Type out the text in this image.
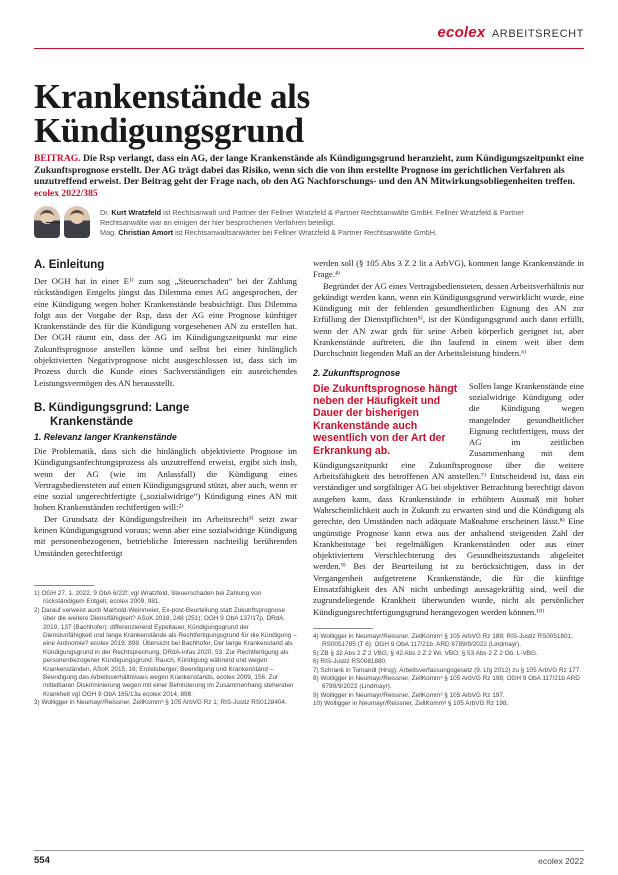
ecolex ARBEITSRECHT
Krankenstände als
Kündigungsgrund

BEITRAG. Die Rsp verlangt, dass ein AG, der lange Krankenstände als Kündigungsgrund heranzieht, zum Kündigungszeitpunkt eine Zukunftsprognose erstellt. Der AG trägt dabei das Risiko, wenn sich die von ihm erstellte Prognose im gerichtlichen Verfahren als unzutreffend erweist. Der Beitrag geht der Frage nach, ob den AG Nachforschungs- und den AN Mitwirkungsobliegenheiten treffen. ecolex 2022/385

Dr. Kurt Wratzfeld ist Rechtsanwalt und Partner der Fellner Wratzfeld & Partner Rechtsanwälte GmbH. Fellner Wratzfeld & Partner Rechtsanwälte war an einigen der hier besprochenen Verfahren beteiligt.
Mag. Christian Amort ist Rechtsanwaltsanwärter bei Fellner Wratzfeld & Partner Rechtsanwälte GmbH.
A. Einleitung

Der OGH hat in einer E¹⁾ zum sog „Steuerschaden“ bei der Zahlung rückständigen Entgelts jüngst das Dilemma eines AG angesprochen, der eine Kündigung wegen hoher Krankenstände beabsichtigt. Das Dilemma folgt aus der Vorgabe der Rsp, dass der AG eine Prognose künftiger Krankenstände des für die Kündigung vorgesehenen AN zu erstellen hat. Der OGH räumt ein, dass der AG im Kündigungszeitpunkt nur eine Zukunftsprognose anstellen könne und selbst bei einer hinlänglich objektivierten Negativprognose nicht ausgeschlossen ist, dass sich im Prozess durch die Kunde eines Sachverständigen ein ausreichendes Leistungsvermögen des AN herausstellt.

B. Kündigungsgrund: Lange
Krankenstände
1. Relevanz langer Krankenstände

Die Problematik, dass sich die hinlänglich objektivierte Prognose im Kündigungsanfechtungsprozess als unzutreffend erweist, ergibt sich insb, wenn der AG (wie im Anlassfall) die Kündigung eines Vertragsbediensteten auf einen Kündigungsgrund stützt, aber auch, wenn er eine sozial ungerechtfertigte („sozialwidrige“) Kündigung eines AN mit hohen Krankenständen rechtfertigen will:²⁾

Der Grundsatz der Kündigungsfreiheit im Arbeitsrecht³⁾ setzt zwar keinen Kündigungsgrund voraus; wenn aber eine sozialwidrige Kündigung mit personenbezogenen, betriebliche Interessen nachteilig berührenden Umständen gerechtfertigt

1) OGH 27. 1. 2022, 9 ObA 6/22f; vgl Wratzfeld, Steuerschaden bei Zahlung von rückständigem Entgelt, ecolex 2009, 981.

2) Darauf verweist auch Marhold-Weinmeier, Ex-post-Beurteilung statt Zukunftsprognose über die weitere Dienstfähigkeit? ASoK 2018, 248 (251); OGH 9 ObA 137/17p, DRdA 2019, 137 (Bachhofer): differenzierend Eypeltauer, Kündigungsgrund der Dienstunfähigkeit und lange Krankenstände als Rechtfertigungsgrund für die Kündigung – eine Antinomie? ecolex 2019, 898. Übersicht bei Bachhofer, Der lange Krankenstand als Kündigungsgrund in der Rechtsprechung, DRdA-infas 2020, 53. Zur Rechtfertigung als personenbezogener Kündigungsgrund: Rauch, Kündigung während und wegen Krankenständen, ASoK 2015, 16; Enzelsberger, Beendigung und Krankenstand – Beendigung des Arbeitsverhältnisses wegen Krankenstands, ecolex 2009, 156. Zur mittelbaren Diskriminierung wegen mit einer Behinderung im Zusammenhang stehenden Krankheit vgl OGH 9 ObA 165/13a ecolex 2014, 898.

3) Wolligger in Neumayr/Reissner, ZellKomm³ § 105 ArbVG Rz 1; RIS-Justiz RS0128404.

werden soll (§ 105 Abs 3 Z 2 lit a ArbVG), kommen lange Krankenstände in Frage.⁴⁾

Begründet der AG eines Vertragsbediensteten, dessen Arbeitsverhältnis nur gekündigt werden kann, wenn ein Kündigungsgrund verwirklicht wurde, eine Kündigung mit der fehlenden gesundheitlichen Eignung des AN zur Erfüllung der Dienstpflichten⁵⁾, ist der Kündigungsgrund auch dann erfüllt, wenn der AN zwar grds für seine Arbeit körperlich geeignet ist, aber Krankenstände auftreten, die ihn laufend in einem weit über dem Durchschnitt liegenden Maß an der Arbeitsleistung hindern.⁶⁾

2. Zukunftsprognose

Die Zukunftsprognose hängt neben der Häufigkeit und Dauer der bisherigen Krankenstände auch wesentlich von der Art der Erkrankung ab.

Sollen lange Krankenstände eine sozialwidrige Kündigung oder die Kündigung wegen mangelnder gesundheitlicher Eignung rechtfertigen, muss der AG im zeitlichen Zusammenhang mit dem Kündigungszeitpunkt eine Zukunftsprognose über die weitere Arbeitsfähigkeit des betroffenen AN anstellen.⁷⁾ Entscheidend ist, dass ein verständiger und sorgfältiger AG bei objektiver Betrachtung berechtigt davon ausgehen kann, dass Krankenstände in erhöhtem Ausmaß mit hoher Wahrscheinlichkeit auch in Zukunft zu erwarten sind und die Kündigung als gerechte, den Umständen nach adäquate Maßnahme erscheinen lässt.⁸⁾ Eine ungünstige Prognose kann etwa aus der anhaltend steigenden Zahl der Krankheitstage bei regelmäßigen Krankenständen oder aus einer objektiviertem Verschlechterung des Gesundheitszustands abgeleitet werden.⁹⁾ Bei der Beurteilung ist zu berücksichtigen, dass in der Vergangenheit aufgetretene Krankenstände, die für die künftige Einsatzfähigkeit des AN nicht unbedingt aussagekräftig sind, weil die zugrundeliegende Krankheit überwunden wurde, nicht als persönlicher Kündigungsrechtfertigungsgrund herangezogen werden können.¹⁰⁾

4) Wolligger in Neumayr/Reissner, ZellKomm³ § 105 ArbVG Rz 189; RIS-Justiz RS0051801; RS0051785 (T 6); OGH 9 ObA 117/21b, ARD 6789/9/2022 (Lindmayr).

5) ZB § 32 Abs 2 Z 2 VBG; § 42 Abs 2 Z 2 Wr. VBO; § 53 Abs 2 Z 2 Oö. L-VBG.

6) RIS-Justiz RS0081880.

7) Schrank in Tomandl (Hrsg), Arbeitsverfassungsgesetz (9. Lfg 2012) zu § 105 ArbVG Rz 177.

8) Wolligger in Neumayr/Reissner, ZellKomm³ § 105 ArbVG Rz 198; OGH 9 ObA 117/21b ARD 6789/9/2022 (Lindmayr).

9) Wolligger in Neumayr/Reissner, ZellKomm³ § 105 ArbVG Rz 197.

10) Wolligger in Neumayr/Reissner, ZellKomm³ § 105 ArbVG Rz 198.

554	ecolex 2022
